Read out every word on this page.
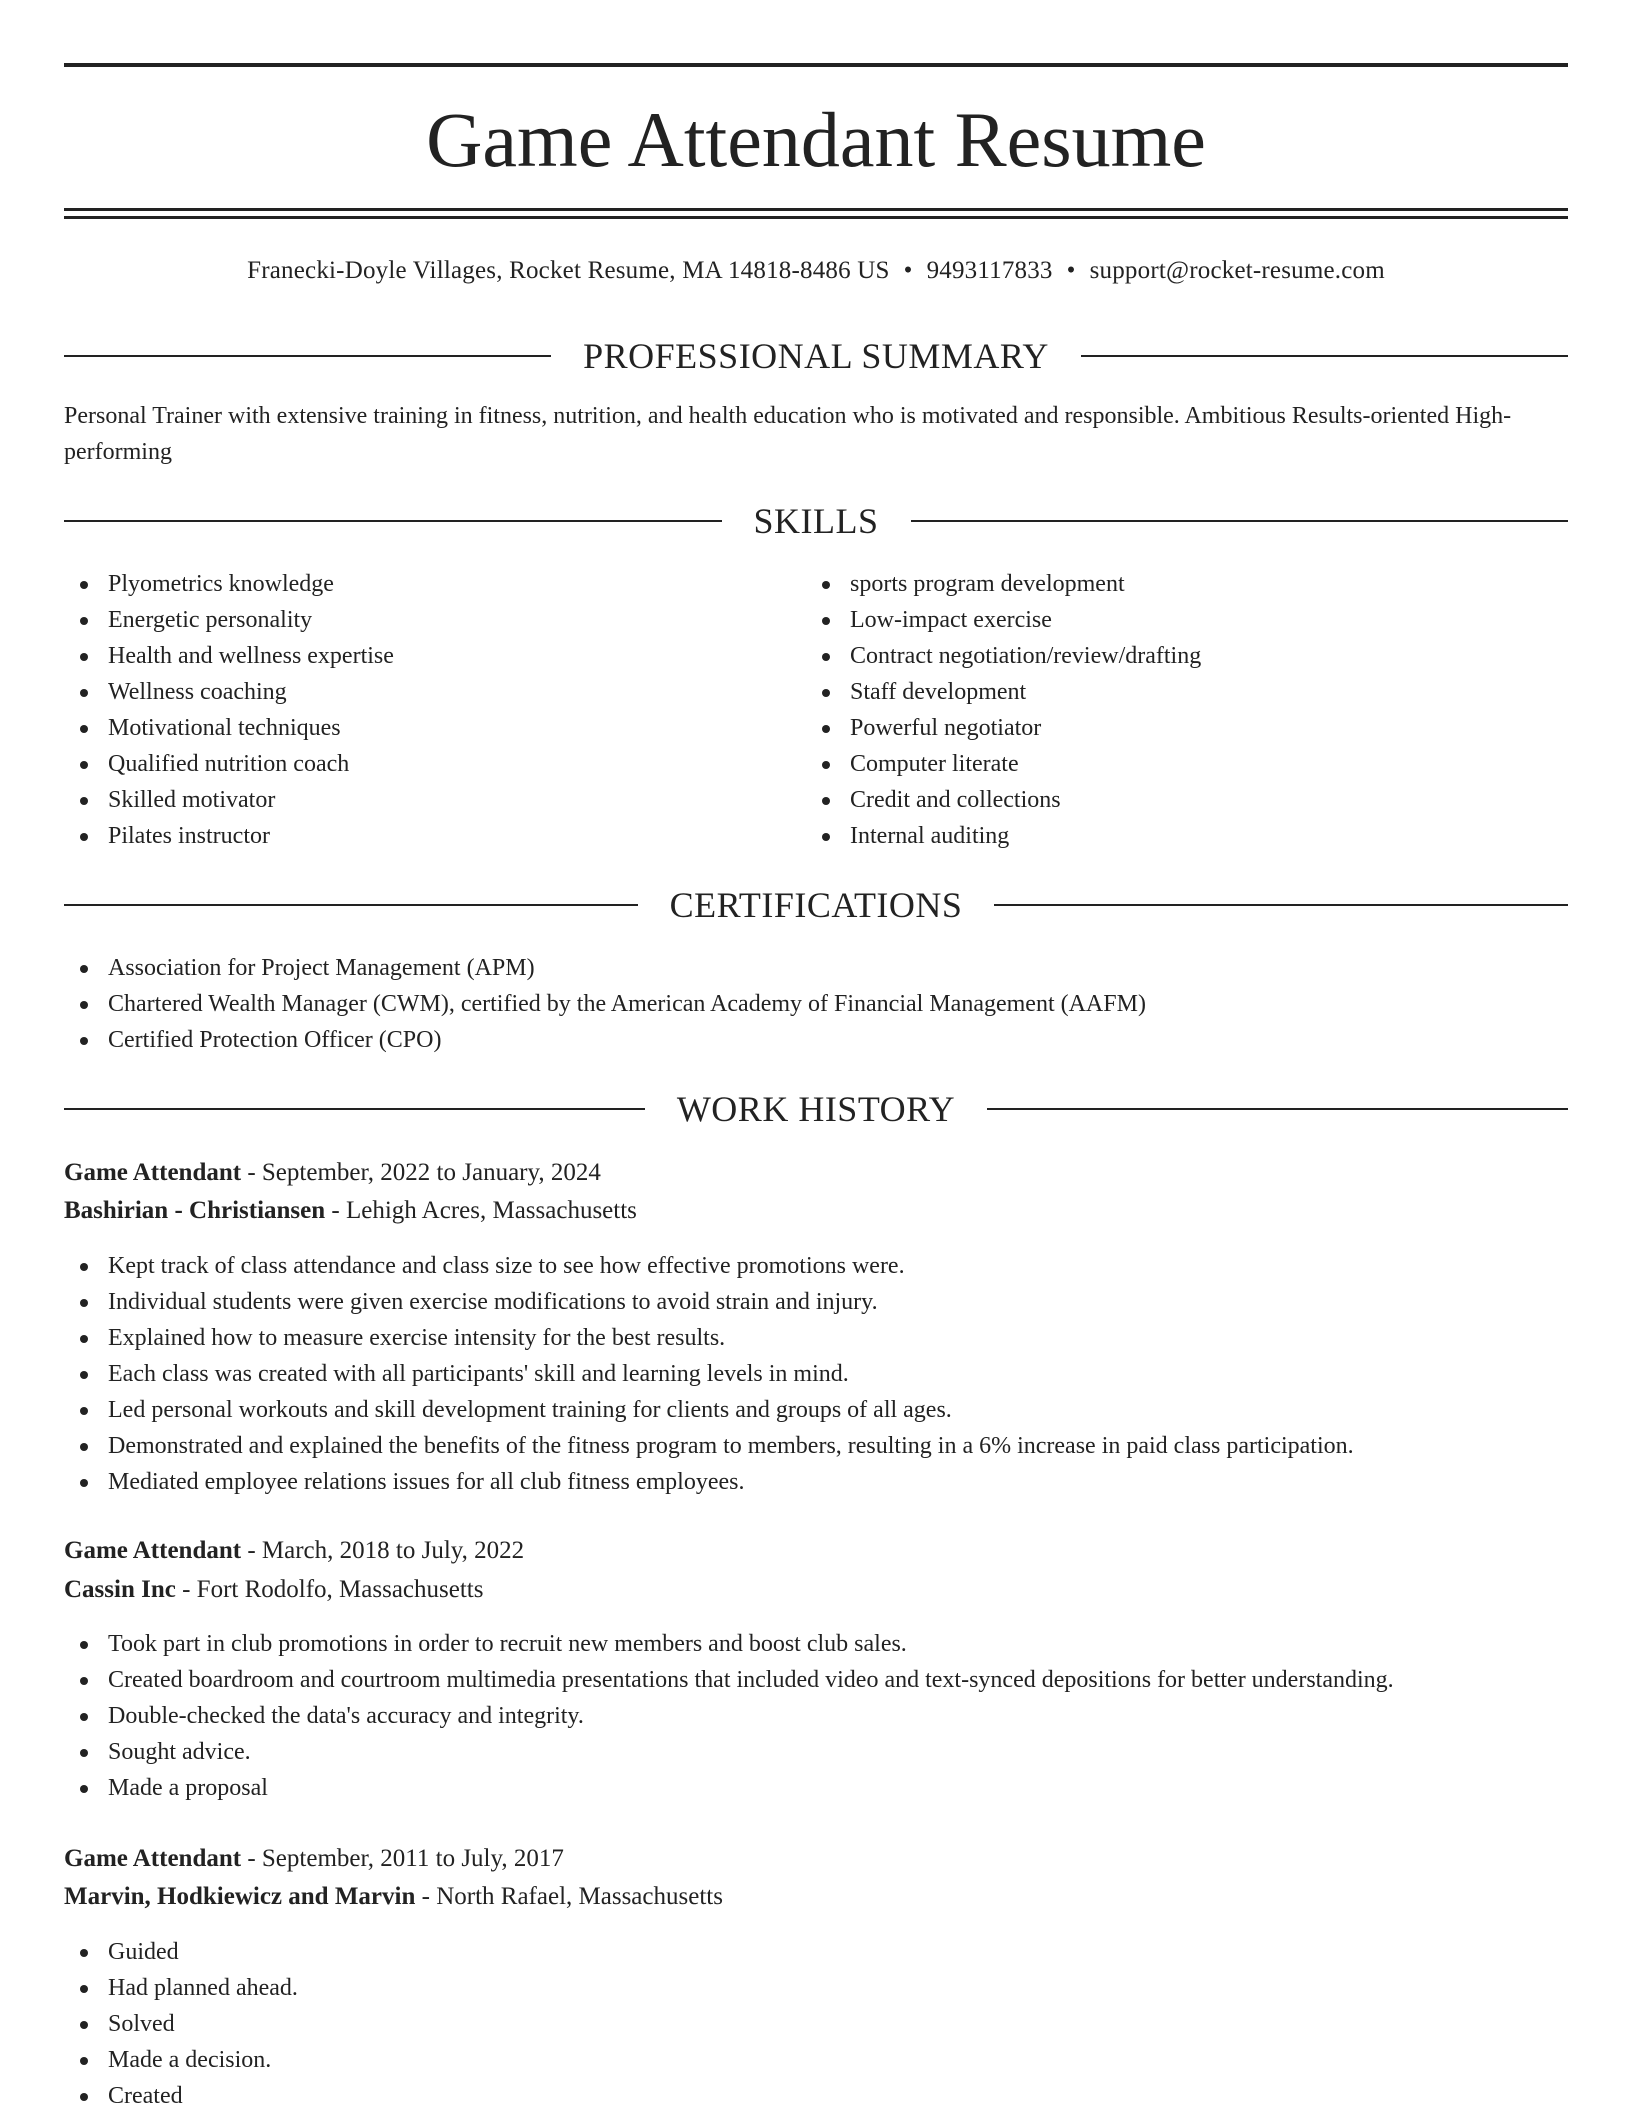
Game Attendant Resume
Franecki-Doyle Villages, Rocket Resume, MA 14818-8486 US • 9493117833 • support@rocket-resume.com
PROFESSIONAL SUMMARY
Personal Trainer with extensive training in fitness, nutrition, and health education who is motivated and responsible. Ambitious Results-oriented High-performing
SKILLS
Plyometrics knowledge
Energetic personality
Health and wellness expertise
Wellness coaching
Motivational techniques
Qualified nutrition coach
Skilled motivator
Pilates instructor
sports program development
Low-impact exercise
Contract negotiation/review/drafting
Staff development
Powerful negotiator
Computer literate
Credit and collections
Internal auditing
CERTIFICATIONS
Association for Project Management (APM)
Chartered Wealth Manager (CWM), certified by the American Academy of Financial Management (AAFM)
Certified Protection Officer (CPO)
WORK HISTORY
Game Attendant - September, 2022 to January, 2024
Bashirian - Christiansen - Lehigh Acres, Massachusetts
Kept track of class attendance and class size to see how effective promotions were.
Individual students were given exercise modifications to avoid strain and injury.
Explained how to measure exercise intensity for the best results.
Each class was created with all participants' skill and learning levels in mind.
Led personal workouts and skill development training for clients and groups of all ages.
Demonstrated and explained the benefits of the fitness program to members, resulting in a 6% increase in paid class participation.
Mediated employee relations issues for all club fitness employees.
Game Attendant - March, 2018 to July, 2022
Cassin Inc - Fort Rodolfo, Massachusetts
Took part in club promotions in order to recruit new members and boost club sales.
Created boardroom and courtroom multimedia presentations that included video and text-synced depositions for better understanding.
Double-checked the data's accuracy and integrity.
Sought advice.
Made a proposal
Game Attendant - September, 2011 to July, 2017
Marvin, Hodkiewicz and Marvin - North Rafael, Massachusetts
Guided
Had planned ahead.
Solved
Made a decision.
Created
